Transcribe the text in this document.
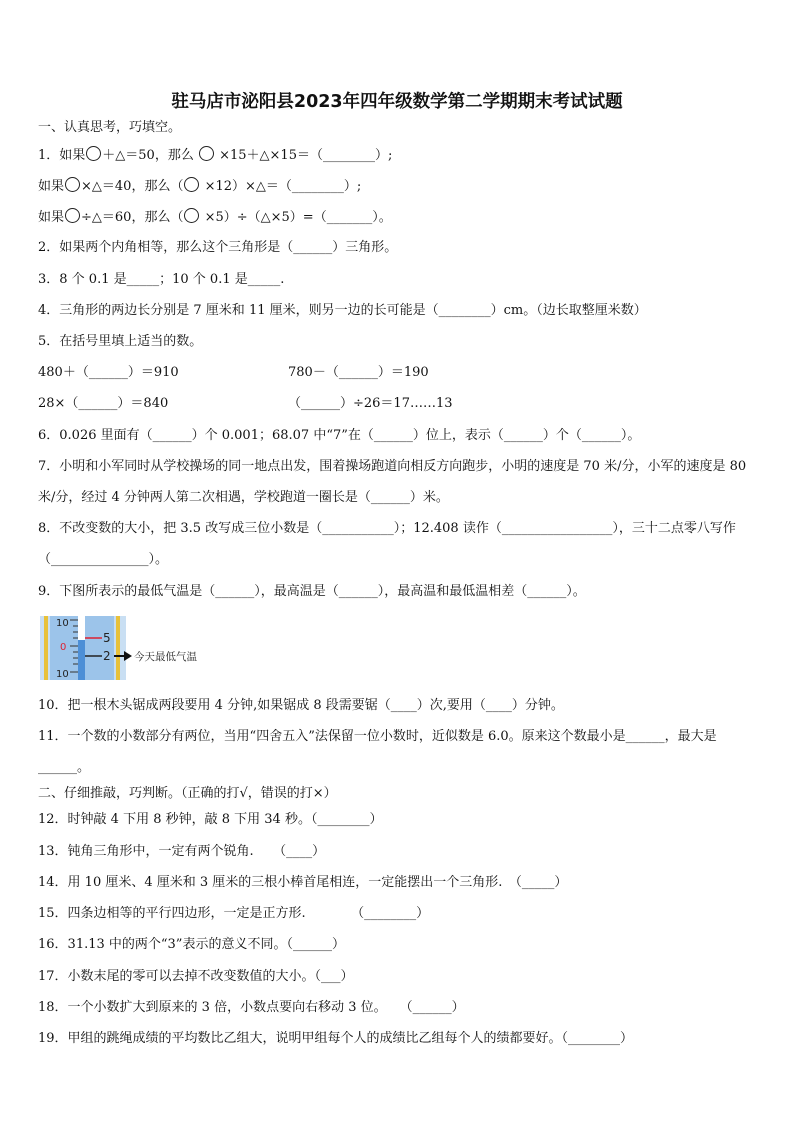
驻马店市泌阳县2023年四年级数学第二学期期末考试试题
一、认真思考，巧填空。
1．如果 ＋△＝50，那么  ×15＋△×15＝（________）;
如果 ×△＝40，那么（ ×12）×△＝（________）;
如果 ÷△＝60，那么（ ×5）÷（△×5）=（_______）。
2．如果两个内角相等，那么这个三角形是（______）三角形。
3．8 个 0.1 是_____；10 个 0.1 是_____.
4．三角形的两边长分别是 7 厘米和 11 厘米，则另一边的长可能是（________）cm。（边长取整厘米数）
5．在括号里填上适当的数。
480＋（______）＝910	780－（______）＝190
28×（______）＝840	（______）÷26＝17……13
6．0.026 里面有（______）个 0.001；68.07 中“7”在（______）位上，表示（______）个（______）。
7．小明和小军同时从学校操场的同一地点出发，围着操场跑道向相反方向跑步，小明的速度是 70 米/分，小军的速度是 80 米/分，经过 4 分钟两人第二次相遇，学校跑道一圈长是（______）米。
8．不改变数的大小，把 3.5 改写成三位小数是（___________）；12.408 读作（_________________），三十二点零八写作（_______________）。
9．下图所表示的最低气温是（______），最高温是（______），最高温和最低温相差（______）。
10
0
10
5
2 今天最低气温
10．把一根木头锯成两段要用 4 分钟,如果锯成 8 段需要锯（____）次,要用（____）分钟。
11．一个数的小数部分有两位，当用“四舍五入”法保留一位小数时，近似数是 6.0。原来这个数最小是______，最大是______。
二、仔细推敲，巧判断。（正确的打√，错误的打×）
12．时钟敲 4 下用 8 秒钟，敲 8 下用 34 秒。（________）
13．钝角三角形中，一定有两个锐角.　　（____）
14．用 10 厘米、4 厘米和 3 厘米的三根小棒首尾相连，一定能摆出一个三角形.　（_____）
15．四条边相等的平行四边形，一定是正方形.　　　　（________）
16．31.13 中的两个“3”表示的意义不同。（______）
17．小数末尾的零可以去掉不改变数值的大小。（___）
18．一个小数扩大到原来的 3 倍，小数点要向右移动 3 位。　　（______）
19．甲组的跳绳成绩的平均数比乙组大，说明甲组每个人的成绩比乙组每个人的绩都要好。（________）
